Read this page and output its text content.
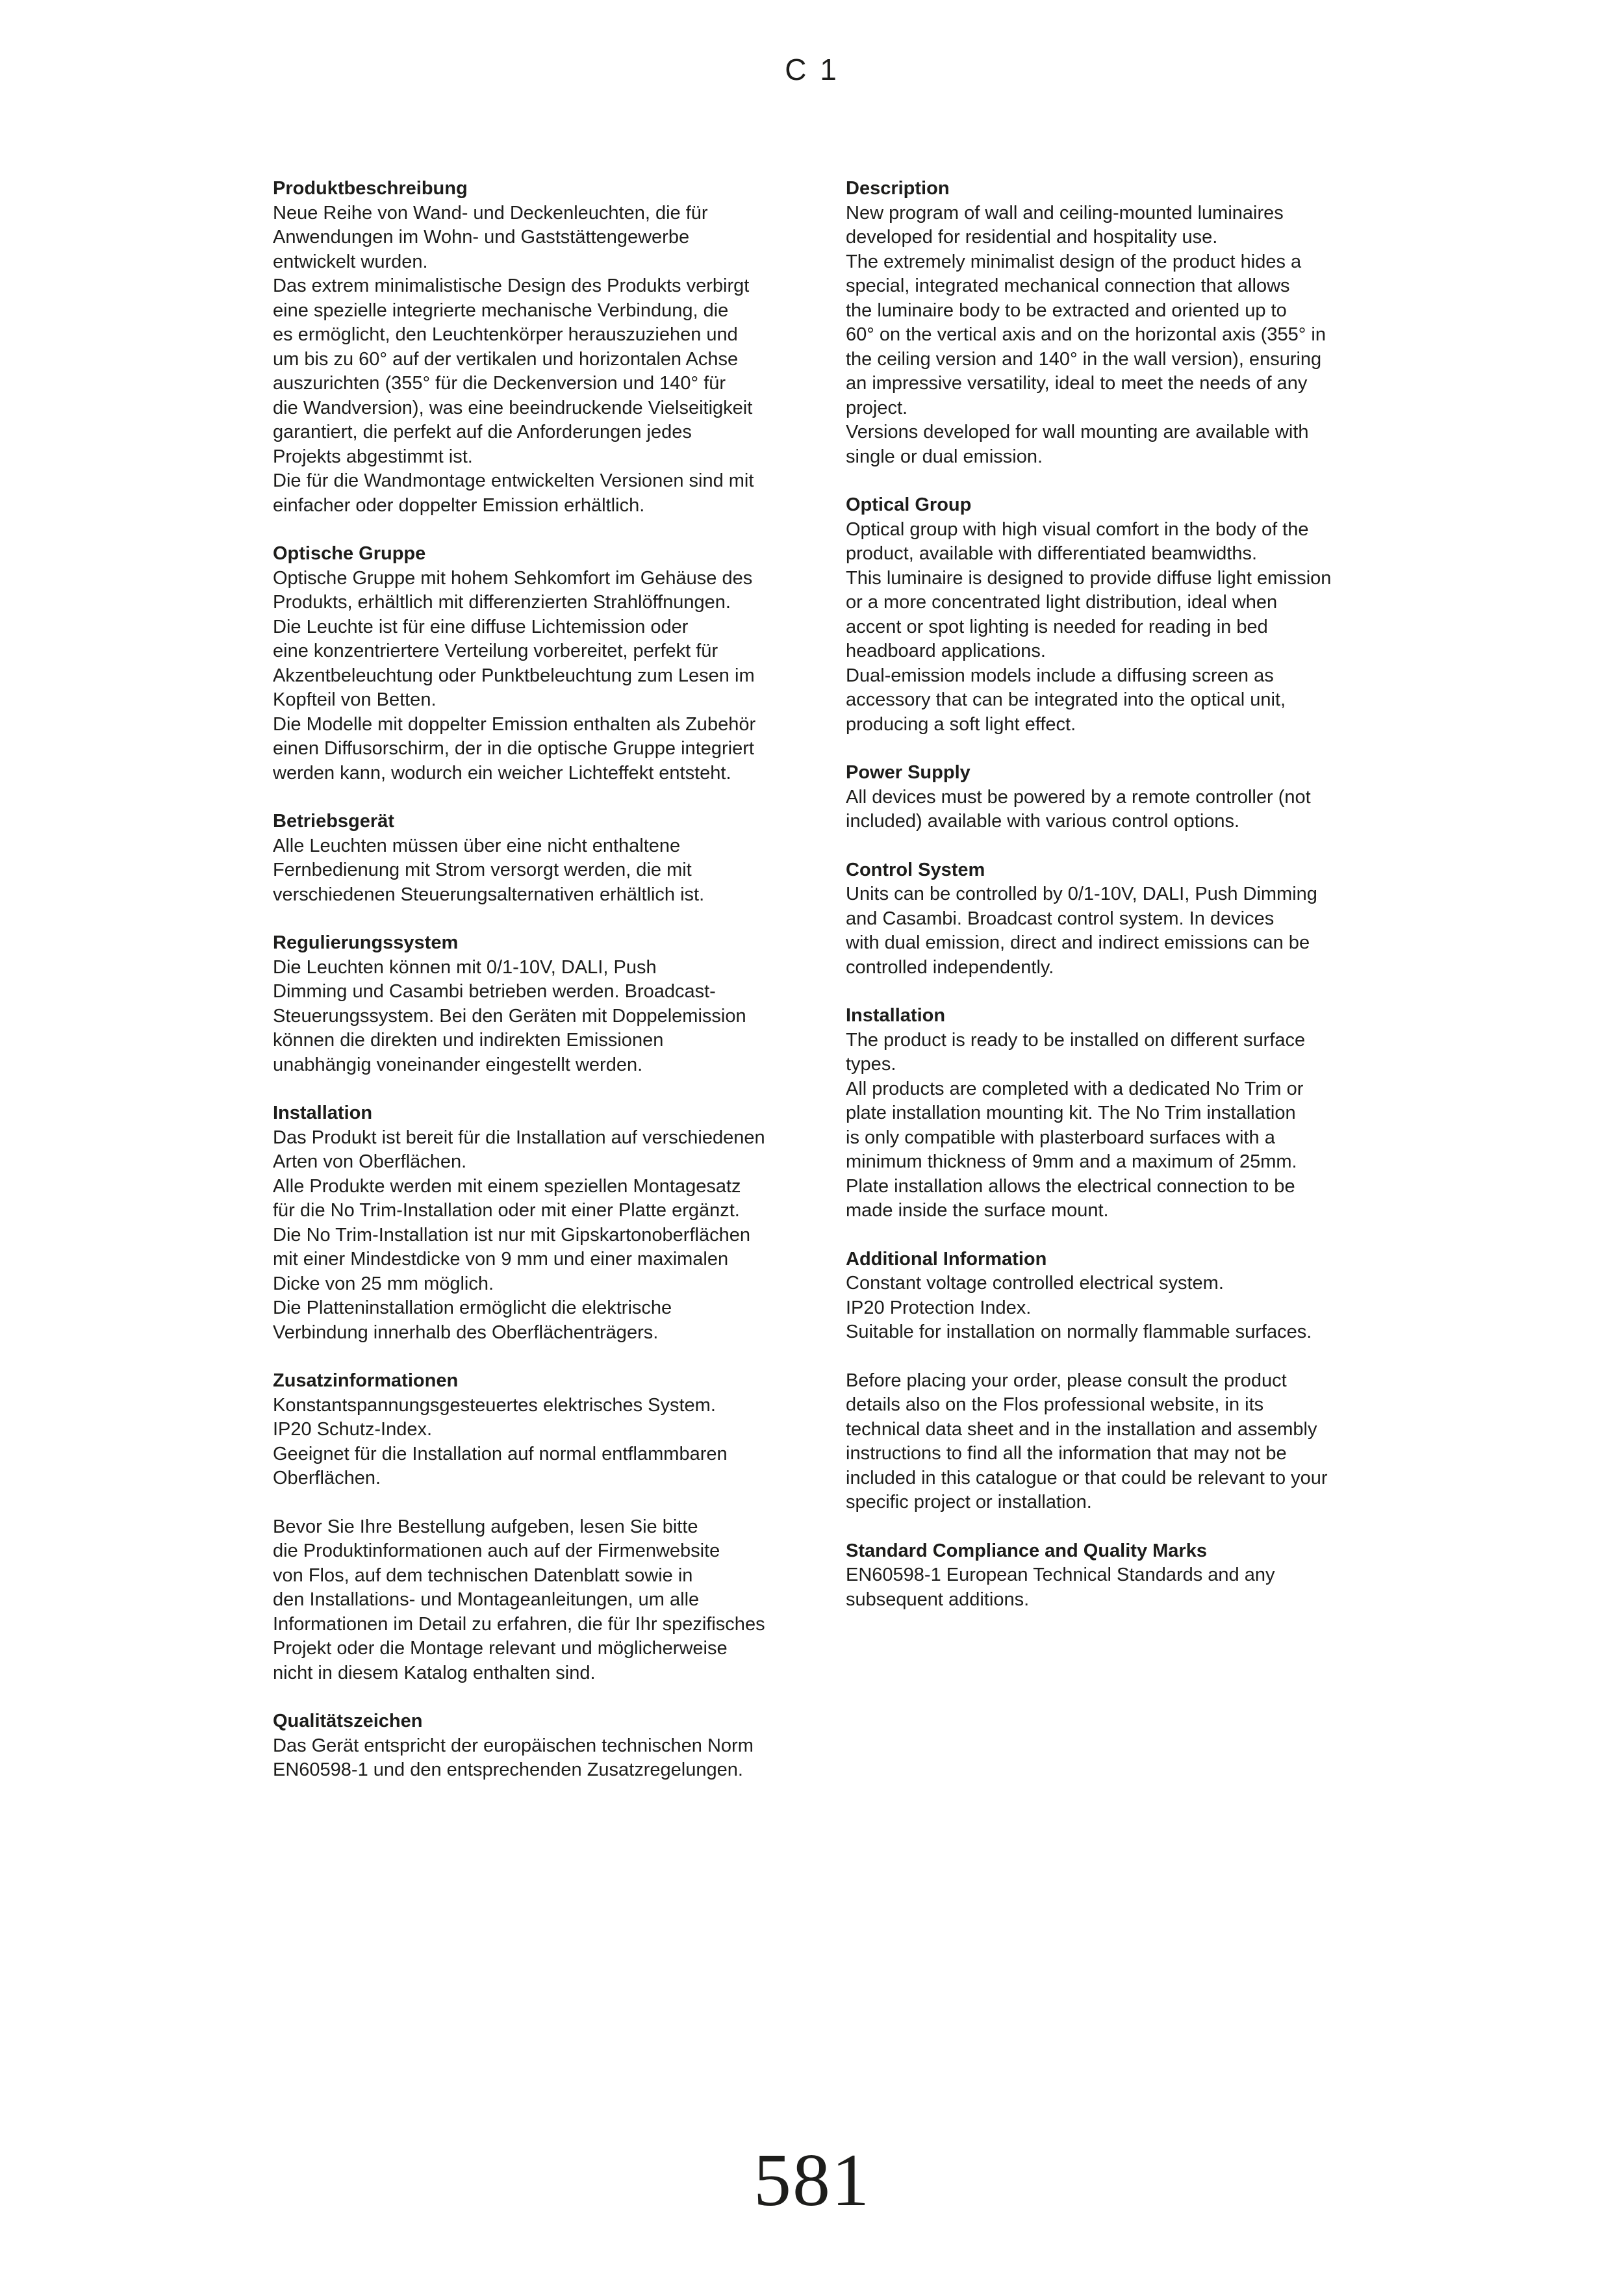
C 1

Produktbeschreibung

Neue Reihe von Wand- und Deckenleuchten, die für
Anwendungen im Wohn- und Gaststättengewerbe
entwickelt wurden.
Das extrem minimalistische Design des Produkts verbirgt
eine spezielle integrierte mechanische Verbindung, die
es ermöglicht, den Leuchtenkörper herauszuziehen und
um bis zu 60° auf der vertikalen und horizontalen Achse
auszurichten (355° für die Deckenversion und 140° für
die Wandversion), was eine beeindruckende Vielseitigkeit
garantiert, die perfekt auf die Anforderungen jedes
Projekts abgestimmt ist.
Die für die Wandmontage entwickelten Versionen sind mit
einfacher oder doppelter Emission erhältlich.

Optische Gruppe

Optische Gruppe mit hohem Sehkomfort im Gehäuse des
Produkts, erhältlich mit differenzierten Strahlöffnungen.
Die Leuchte ist für eine diffuse Lichtemission oder
eine konzentriertere Verteilung vorbereitet, perfekt für
Akzentbeleuchtung oder Punktbeleuchtung zum Lesen im
Kopfteil von Betten.
Die Modelle mit doppelter Emission enthalten als Zubehör
einen Diffusorschirm, der in die optische Gruppe integriert
werden kann, wodurch ein weicher Lichteffekt entsteht.

Betriebsgerät

Alle Leuchten müssen über eine nicht enthaltene
Fernbedienung mit Strom versorgt werden, die mit
verschiedenen Steuerungsalternativen erhältlich ist.

Regulierungssystem

Die Leuchten können mit 0/1-10V, DALI, Push
Dimming und Casambi betrieben werden. Broadcast-
Steuerungssystem. Bei den Geräten mit Doppelemission
können die direkten und indirekten Emissionen
unabhängig voneinander eingestellt werden.

Installation

Das Produkt ist bereit für die Installation auf verschiedenen
Arten von Oberflächen.
Alle Produkte werden mit einem speziellen Montagesatz
für die No Trim-Installation oder mit einer Platte ergänzt.
Die No Trim-Installation ist nur mit Gipskartonoberflächen
mit einer Mindestdicke von 9 mm und einer maximalen
Dicke von 25 mm möglich.
Die Platteninstallation ermöglicht die elektrische
Verbindung innerhalb des Oberflächenträgers.

Zusatzinformationen

Konstantspannungsgesteuertes elektrisches System.
IP20 Schutz-Index.
Geeignet für die Installation auf normal entflammbaren
Oberflächen.

Bevor Sie Ihre Bestellung aufgeben, lesen Sie bitte
die Produktinformationen auch auf der Firmenwebsite
von Flos, auf dem technischen Datenblatt sowie in
den Installations- und Montageanleitungen, um alle
Informationen im Detail zu erfahren, die für Ihr spezifisches
Projekt oder die Montage relevant und möglicherweise
nicht in diesem Katalog enthalten sind.

Qualitätszeichen

Das Gerät entspricht der europäischen technischen Norm
EN60598-1 und den entsprechenden Zusatzregelungen.

Description

New program of wall and ceiling-mounted luminaires
developed for residential and hospitality use.
The extremely minimalist design of the product hides a
special, integrated mechanical connection that allows
the luminaire body to be extracted and oriented up to
60° on the vertical axis and on the horizontal axis (355° in
the ceiling version and 140° in the wall version), ensuring
an impressive versatility, ideal to meet the needs of any
project.
Versions developed for wall mounting are available with
single or dual emission.

Optical Group

Optical group with high visual comfort in the body of the
product, available with differentiated beamwidths.
This luminaire is designed to provide diffuse light emission
or a more concentrated light distribution, ideal when
accent or spot lighting is needed for reading in bed
headboard applications.
Dual-emission models include a diffusing screen as
accessory that can be integrated into the optical unit,
producing a soft light effect.

Power Supply

All devices must be powered by a remote controller (not
included) available with various control options.

Control System

Units can be controlled by 0/1-10V, DALI, Push Dimming
and Casambi. Broadcast control system. In devices
with dual emission, direct and indirect emissions can be
controlled independently.

Installation

The product is ready to be installed on different surface
types.
All products are completed with a dedicated No Trim or
plate installation mounting kit. The No Trim installation
is only compatible with plasterboard surfaces with a
minimum thickness of 9mm and a maximum of 25mm.
Plate installation allows the electrical connection to be
made inside the surface mount.

Additional Information

Constant voltage controlled electrical system.
IP20 Protection Index.
Suitable for installation on normally flammable surfaces.

Before placing your order, please consult the product
details also on the Flos professional website, in its
technical data sheet and in the installation and assembly
instructions to find all the information that may not be
included in this catalogue or that could be relevant to your
specific project or installation.

Standard Compliance and Quality Marks

EN60598-1 European Technical Standards and any
subsequent additions.

581
